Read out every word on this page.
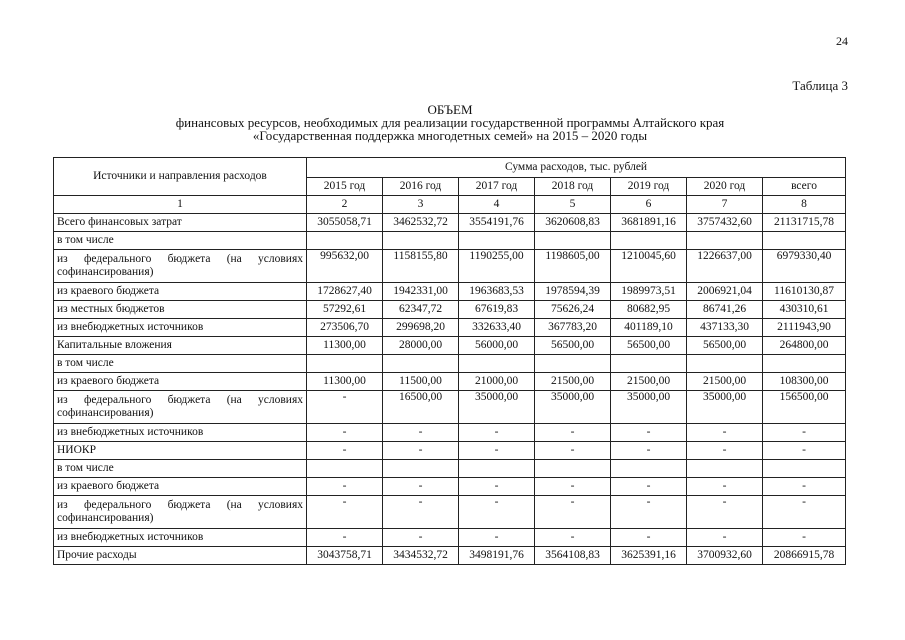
24
Таблица 3
ОБЪЕМ
финансовых ресурсов, необходимых для реализации государственной программы Алтайского края
«Государственная поддержка многодетных семей» на 2015 – 2020 годы
Источники и направления расходов	Сумма расходов, тыс. рублей						
	2015 год	2016 год	2017 год	2018 год	2019 год	2020 год	всего
1	2	3	4	5	6	7	8
Всего финансовых затрат	3055058,71	3462532,72	3554191,76	3620608,83	3681891,16	3757432,60	21131715,78
в том числе							
из федерального бюджета (на условиях софинансирования)	995632,00	1158155,80	1190255,00	1198605,00	1210045,60	1226637,00	6979330,40
из краевого бюджета	1728627,40	1942331,00	1963683,53	1978594,39	1989973,51	2006921,04	11610130,87
из местных бюджетов	57292,61	62347,72	67619,83	75626,24	80682,95	86741,26	430310,61
из внебюджетных источников	273506,70	299698,20	332633,40	367783,20	401189,10	437133,30	2111943,90
Капитальные вложения	11300,00	28000,00	56000,00	56500,00	56500,00	56500,00	264800,00
в том числе							
из краевого бюджета	11300,00	11500,00	21000,00	21500,00	21500,00	21500,00	108300,00
из федерального бюджета (на условиях софинансирования)	-	16500,00	35000,00	35000,00	35000,00	35000,00	156500,00
из внебюджетных источников	-	-	-	-	-	-	-
НИОКР	-	-	-	-	-	-	-
в том числе							
из краевого бюджета	-	-	-	-	-	-	-
из федерального бюджета (на условиях софинансирования)	-	-	-	-	-	-	-
из внебюджетных источников	-	-	-	-	-	-	-
Прочие расходы	3043758,71	3434532,72	3498191,76	3564108,83	3625391,16	3700932,60	20866915,78
